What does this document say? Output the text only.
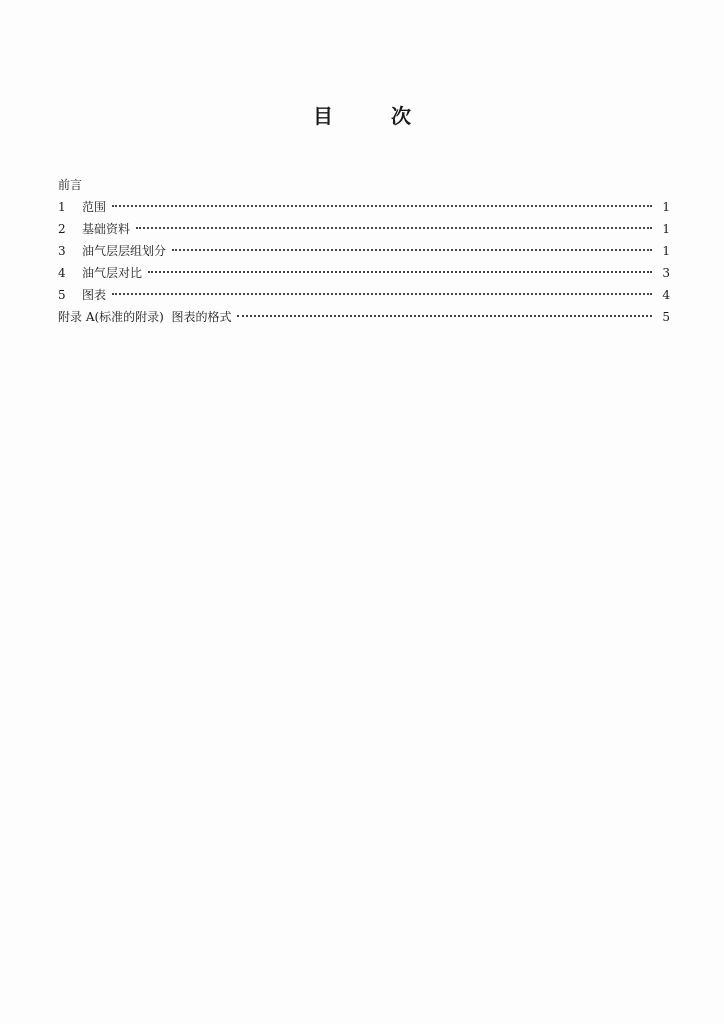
目	次
前言
1	范围	1
2	基础资料	1
3	油气层层组划分	1
4	油气层对比	3
5	图表	4
附录 A(标准的附录)  图表的格式	5
